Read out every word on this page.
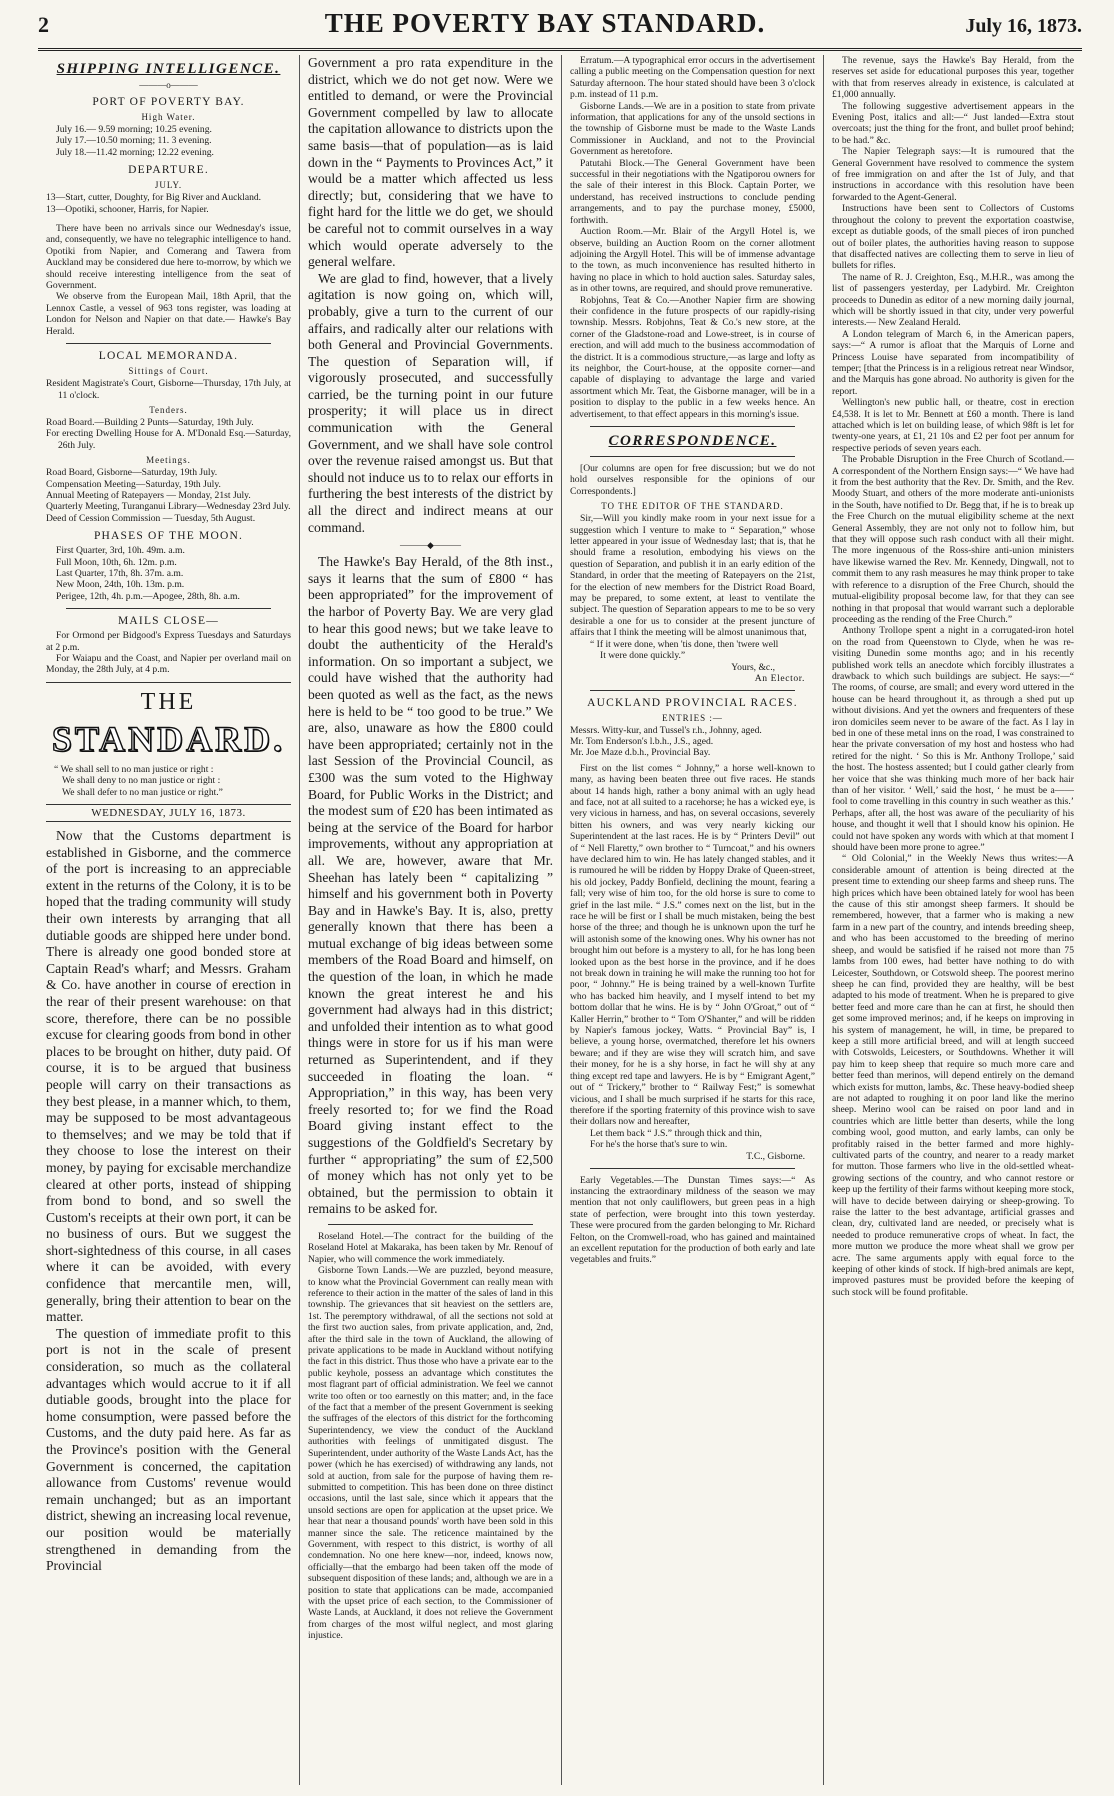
2	THE POVERTY BAY STANDARD.	July 16, 1873.
SHIPPING INTELLIGENCE.
———o———
PORT OF POVERTY BAY.
High Water.

July 16.— 9.59 morning; 10.25 evening.

July 17.—10.50 morning; 11. 3 evening.

July 18.—11.42 morning; 12.22 evening.

DEPARTURE.
JULY.

13—Start, cutter, Doughty, for Big River and Auckland.

13—Opotiki, schooner, Harris, for Napier.

There have been no arrivals since our Wednesday's issue, and, consequently, we have no telegraphic intelligence to hand. Opotiki from Napier, and Comerang and Tawera from Auckland may be considered due here to-morrow, by which we should receive interesting intelligence from the seat of Government.

We observe from the European Mail, 18th April, that the Lennox Castle, a vessel of 963 tons register, was loading at London for Nelson and Napier on that date.— Hawke's Bay Herald.

LOCAL MEMORANDA.
Sittings of Court.

Resident Magistrate's Court, Gisborne—Thursday, 17th July, at 11 o'clock.

Tenders.

Road Board.—Building 2 Punts—Saturday, 19th July.

For erecting Dwelling House for A. M'Donald Esq.—Saturday, 26th July.

Meetings.

Road Board, Gisborne—Saturday, 19th July.

Compensation Meeting—Saturday, 19th July.

Annual Meeting of Ratepayers — Monday, 21st July.

Quarterly Meeting, Turanganui Library—Wednesday 23rd July.

Deed of Cession Commission — Tuesday, 5th August.

PHASES OF THE MOON.

First Quarter, 3rd, 10h. 49m. a.m.

Full Moon, 10th, 6h. 12m. p.m.

Last Quarter, 17th, 8h. 37m. a.m.

New Moon, 24th, 10h. 13m. p.m.

Perigee, 12th, 4h. p.m.—Apogee, 28th, 8h. a.m.

MAILS CLOSE—

For Ormond per Bidgood's Express Tuesdays and Saturdays at 2 p.m.

For Waiapu and the Coast, and Napier per overland mail on Monday, the 28th July, at 4 p.m.

THE
STANDARD.

“ We shall sell to no man justice or right :

We shall deny to no man justice or right :

We shall defer to no man justice or right.”

WEDNESDAY, JULY 16, 1873.

Now that the Customs department is established in Gisborne, and the commerce of the port is increasing to an appreciable extent in the returns of the Colony, it is to be hoped that the trading community will study their own interests by arranging that all dutiable goods are shipped here under bond. There is already one good bonded store at Captain Read's wharf; and Messrs. Graham & Co. have another in course of erection in the rear of their present warehouse: on that score, therefore, there can be no possible excuse for clearing goods from bond in other places to be brought on hither, duty paid. Of course, it is to be argued that business people will carry on their transactions as they best please, in a manner which, to them, may be supposed to be most advantageous to themselves; and we may be told that if they choose to lose the interest on their money, by paying for excisable merchandize cleared at other ports, instead of shipping from bond to bond, and so swell the Custom's receipts at their own port, it can be no business of ours. But we suggest the short-sightedness of this course, in all cases where it can be avoided, with every confidence that mercantile men, will, generally, bring their attention to bear on the matter.

The question of immediate profit to this port is not in the scale of present consideration, so much as the collateral advantages which would accrue to it if all dutiable goods, brought into the place for home consumption, were passed before the Customs, and the duty paid here. As far as the Province's position with the General Government is concerned, the capitation allowance from Customs' revenue would remain unchanged; but as an important district, shewing an increasing local revenue, our position would be materially strengthened in demanding from the Provincial

Government a pro rata expenditure in the district, which we do not get now. Were we entitled to demand, or were the Provincial Government compelled by law to allocate the capitation allowance to districts upon the same basis—that of population—as is laid down in the “ Payments to Provinces Act,” it would be a matter which affected us less directly; but, considering that we have to fight hard for the little we do get, we should be careful not to commit ourselves in a way which would operate adversely to the general welfare.

We are glad to find, however, that a lively agitation is now going on, which will, probably, give a turn to the current of our affairs, and radically alter our relations with both General and Provincial Governments. The question of Separation will, if vigorously prosecuted, and successfully carried, be the turning point in our future prosperity; it will place us in direct communication with the General Government, and we shall have sole control over the revenue raised amongst us. But that should not induce us to to relax our efforts in furthering the best interests of the district by all the direct and indirect means at our command.

———◆———

The Hawke's Bay Herald, of the 8th inst., says it learns that the sum of £800 “ has been appropriated” for the improvement of the harbor of Poverty Bay. We are very glad to hear this good news; but we take leave to doubt the authenticity of the Herald's information. On so important a subject, we could have wished that the authority had been quoted as well as the fact, as the news here is held to be “ too good to be true.” We are, also, unaware as how the £800 could have been appropriated; certainly not in the last Session of the Provincial Council, as £300 was the sum voted to the Highway Board, for Public Works in the District; and the modest sum of £20 has been intimated as being at the service of the Board for harbor improvements, without any appropriation at all. We are, however, aware that Mr. Sheehan has lately been “ capitalizing ” himself and his government both in Poverty Bay and in Hawke's Bay. It is, also, pretty generally known that there has been a mutual exchange of big ideas between some members of the Road Board and himself, on the question of the loan, in which he made known the great interest he and his government had always had in this district; and unfolded their intention as to what good things were in store for us if his man were returned as Superintendent, and if they succeeded in floating the loan. “ Appropriation,” in this way, has been very freely resorted to; for we find the Road Board giving instant effect to the suggestions of the Goldfield's Secretary by further “ appropriating” the sum of £2,500 of money which has not only yet to be obtained, but the permission to obtain it remains to be asked for.

Roseland Hotel.—The contract for the building of the Roseland Hotel at Makaraka, has been taken by Mr. Renouf of Napier, who will commence the work immediately.

Gisborne Town Lands.—We are puzzled, beyond measure, to know what the Provincial Government can really mean with reference to their action in the matter of the sales of land in this township. The grievances that sit heaviest on the settlers are, 1st. The peremptory withdrawal, of all the sections not sold at the first two auction sales, from private application, and, 2nd, after the third sale in the town of Auckland, the allowing of private applications to be made in Auckland without notifying the fact in this district. Thus those who have a private ear to the public keyhole, possess an advantage which constitutes the most flagrant part of official administration. We feel we cannot write too often or too earnestly on this matter; and, in the face of the fact that a member of the present Government is seeking the suffrages of the electors of this district for the forthcoming Superintendency, we view the conduct of the Auckland authorities with feelings of unmitigated disgust. The Superintendent, under authority of the Waste Lands Act, has the power (which he has exercised) of withdrawing any lands, not sold at auction, from sale for the purpose of having them re-submitted to competition. This has been done on three distinct occasions, until the last sale, since which it appears that the unsold sections are open for application at the upset price. We hear that near a thousand pounds' worth have been sold in this manner since the sale. The reticence maintained by the Government, with respect to this district, is worthy of all condemnation. No one here knew—nor, indeed, knows now, officially—that the embargo had been taken off the mode of subsequent disposition of these lands; and, although we are in a position to state that applications can be made, accompanied with the upset price of each section, to the Commissioner of Waste Lands, at Auckland, it does not relieve the Government from charges of the most wilful neglect, and most glaring injustice.

Erratum.—A typographical error occurs in the advertisement calling a public meeting on the Compensation question for next Saturday afternoon. The hour stated should have been 3 o'clock p.m. instead of 11 p.m.

Gisborne Lands.—We are in a position to state from private information, that applications for any of the unsold sections in the township of Gisborne must be made to the Waste Lands Commissioner in Auckland, and not to the Provincial Government as heretofore.

Patutahi Block.—The General Government have been successful in their negotiations with the Ngatiporou owners for the sale of their interest in this Block. Captain Porter, we understand, has received instructions to conclude pending arrangements, and to pay the purchase money, £5000, forthwith.

Auction Room.—Mr. Blair of the Argyll Hotel is, we observe, building an Auction Room on the corner allotment adjoining the Argyll Hotel. This will be of immense advantage to the town, as much inconvenience has resulted hitherto in having no place in which to hold auction sales. Saturday sales, as in other towns, are required, and should prove remunerative.

Robjohns, Teat & Co.—Another Napier firm are showing their confidence in the future prospects of our rapidly-rising township. Messrs. Robjohns, Teat & Co.'s new store, at the corner of the Gladstone-road and Lowe-street, is in course of erection, and will add much to the business accommodation of the district. It is a commodious structure,—as large and lofty as its neighbor, the Court-house, at the opposite corner—and capable of displaying to advantage the large and varied assortment which Mr. Teat, the Gisborne manager, will be in a position to display to the public in a few weeks hence. An advertisement, to that effect appears in this morning's issue.

CORRESPONDENCE.

[Our columns are open for free discussion; but we do not hold ourselves responsible for the opinions of our Correspondents.]

TO THE EDITOR OF THE STANDARD.

Sir,—Will you kindly make room in your next issue for a suggestion which I venture to make to “ Separation,” whose letter appeared in your issue of Wednesday last; that is, that he should frame a resolution, embodying his views on the question of Separation, and publish it in an early edition of the Standard, in order that the meeting of Ratepayers on the 21st, for the election of new members for the District Road Board, may be prepared, to some extent, at least to ventilate the subject. The question of Separation appears to me to be so very desirable a one for us to consider at the present juncture of affairs that I think the meeting will be almost unanimous that,

“ If it were done, when 'tis done, then 'twere well

It were done quickly.”

Yours, &c.,

An Elector.

AUCKLAND PROVINCIAL RACES.
ENTRIES :—

Messrs. Witty-kur, and Tussel's r.h., Johnny, aged.

Mr. Tom Enderson's l.b.h., J.S., aged.

Mr. Joe Maze d.b.h., Provincial Bay.

First on the list comes “ Johnny,” a horse well-known to many, as having been beaten three out five races. He stands about 14 hands high, rather a bony animal with an ugly head and face, not at all suited to a racehorse; he has a wicked eye, is very vicious in harness, and has, on several occasions, severely bitten his owners, and was very nearly kicking our Superintendent at the last races. He is by “ Printers Devil” out of “ Nell Flaretty,” own brother to “ Turncoat,” and his owners have declared him to win. He has lately changed stables, and it is rumoured he will be ridden by Hoppy Drake of Queen-street, his old jockey, Paddy Bonfield, declining the mount, fearing a fall; very wise of him too, for the old horse is sure to come to grief in the last mile. “ J.S.” comes next on the list, but in the race he will be first or I shall be much mistaken, being the best horse of the three; and though he is unknown upon the turf he will astonish some of the knowing ones. Why his owner has not brought him out before is a mystery to all, for he has long been looked upon as the best horse in the province, and if he does not break down in training he will make the running too hot for poor, “ Johnny.” He is being trained by a well-known Turfite who has backed him heavily, and I myself intend to bet my bottom dollar that he wins. He is by “ John O'Groat,” out of “ Kaller Herrin,” brother to “ Tom O'Shanter,” and will be ridden by Napier's famous jockey, Watts. “ Provincial Bay” is, I believe, a young horse, overmatched, therefore let his owners beware; and if they are wise they will scratch him, and save their money, for he is a shy horse, in fact he will shy at any thing except red tape and lawyers. He is by “ Emigrant Agent,” out of “ Trickery,” brother to “ Railway Fest;” is somewhat vicious, and I shall be much surprised if he starts for this race, therefore if the sporting fraternity of this province wish to save their dollars now and hereafter,

Let them back “ J.S.” through thick and thin,

For he's the horse that's sure to win.

T.C., Gisborne.

Early Vegetables.—The Dunstan Times says:—“ As instancing the extraordinary mildness of the season we may mention that not only cauliflowers, but green peas in a high state of perfection, were brought into this town yesterday. These were procured from the garden belonging to Mr. Richard Felton, on the Cromwell-road, who has gained and maintained an excellent reputation for the production of both early and late vegetables and fruits.”

The revenue, says the Hawke's Bay Herald, from the reserves set aside for educational purposes this year, together with that from reserves already in existence, is calculated at £1,000 annually.

The following suggestive advertisement appears in the Evening Post, italics and all:—“ Just landed—Extra stout overcoats; just the thing for the front, and bullet proof behind; to be had.” &c.

The Napier Telegraph says:—It is rumoured that the General Government have resolved to commence the system of free immigration on and after the 1st of July, and that instructions in accordance with this resolution have been forwarded to the Agent-General.

Instructions have been sent to Collectors of Customs throughout the colony to prevent the exportation coastwise, except as dutiable goods, of the small pieces of iron punched out of boiler plates, the authorities having reason to suppose that disaffected natives are collecting them to serve in lieu of bullets for rifles.

The name of R. J. Creighton, Esq., M.H.R., was among the list of passengers yesterday, per Ladybird. Mr. Creighton proceeds to Dunedin as editor of a new morning daily journal, which will be shortly issued in that city, under very powerful interests.— New Zealand Herald.

A London telegram of March 6, in the American papers, says:—“ A rumor is afloat that the Marquis of Lorne and Princess Louise have separated from incompatibility of temper; [that the Princess is in a religious retreat near Windsor, and the Marquis has gone abroad. No authority is given for the report.

Wellington's new public hall, or theatre, cost in erection £4,538. It is let to Mr. Bennett at £60 a month. There is land attached which is let on building lease, of which 98ft is let for twenty-one years, at £1, 21 10s and £2 per foot per annum for respective periods of seven years each.

The Probable Disruption in the Free Church of Scotland.—A correspondent of the Northern Ensign says:—“ We have had it from the best authority that the Rev. Dr. Smith, and the Rev. Moody Stuart, and others of the more moderate anti-unionists in the South, have notified to Dr. Begg that, if he is to break up the Free Church on the mutual eligibility scheme at the next General Assembly, they are not only not to follow him, but that they will oppose such rash conduct with all their might. The more ingenuous of the Ross-shire anti-union ministers have likewise warned the Rev. Mr. Kennedy, Dingwall, not to commit them to any rash measures he may think proper to take with reference to a disruption of the Free Church, should the mutual-eligibility proposal become law, for that they can see nothing in that proposal that would warrant such a deplorable proceeding as the rending of the Free Church.”

Anthony Trollope spent a night in a corrugated-iron hotel on the road from Queenstown to Clyde, when he was re-visiting Dunedin some months ago; and in his recently published work tells an anecdote which forcibly illustrates a drawback to which such buildings are subject. He says:—“ The rooms, of course, are small; and every word uttered in the house can be heard throughout it, as through a shed put up without divisions. And yet the owners and frequenters of these iron domiciles seem never to be aware of the fact. As I lay in bed in one of these metal inns on the road, I was constrained to hear the private conversation of my host and hostess who had retired for the night. ‘ So this is Mr. Anthony Trollope,’ said the host. The hostess assented; but I could gather clearly from her voice that she was thinking much more of her back hair than of her visitor. ‘ Well,’ said the host, ‘ he must be a——fool to come travelling in this country in such weather as this.’ Perhaps, after all, the host was aware of the peculiarity of his house, and thought it well that I should know his opinion. He could not have spoken any words with which at that moment I should have been more prone to agree.”

“ Old Colonial,” in the Weekly News thus writes:—A considerable amount of attention is being directed at the present time to extending our sheep farms and sheep runs. The high prices which have been obtained lately for wool has been the cause of this stir amongst sheep farmers. It should be remembered, however, that a farmer who is making a new farm in a new part of the country, and intends breeding sheep, and who has been accustomed to the breeding of merino sheep, and would be satisfied if he raised not more than 75 lambs from 100 ewes, had better have nothing to do with Leicester, Southdown, or Cotswold sheep. The poorest merino sheep he can find, provided they are healthy, will be best adapted to his mode of treatment. When he is prepared to give better feed and more care than he can at first, he should then get some improved merinos; and, if he keeps on improving in his system of management, he will, in time, be prepared to keep a still more artificial breed, and will at length succeed with Cotswolds, Leicesters, or Southdowns. Whether it will pay him to keep sheep that require so much more care and better feed than merinos, will depend entirely on the demand which exists for mutton, lambs, &c. These heavy-bodied sheep are not adapted to roughing it on poor land like the merino sheep. Merino wool can be raised on poor land and in countries which are little better than deserts, while the long combing wool, good mutton, and early lambs, can only be profitably raised in the better farmed and more highly-cultivated parts of the country, and nearer to a ready market for mutton. Those farmers who live in the old-settled wheat-growing sections of the country, and who cannot restore or keep up the fertility of their farms without keeping more stock, will have to decide between dairying or sheep-growing. To raise the latter to the best advantage, artificial grasses and clean, dry, cultivated land are needed, or precisely what is needed to produce remunerative crops of wheat. In fact, the more mutton we produce the more wheat shall we grow per acre. The same arguments apply with equal force to the keeping of other kinds of stock. If high-bred animals are kept, improved pastures must be provided before the keeping of such stock will be found profitable.
